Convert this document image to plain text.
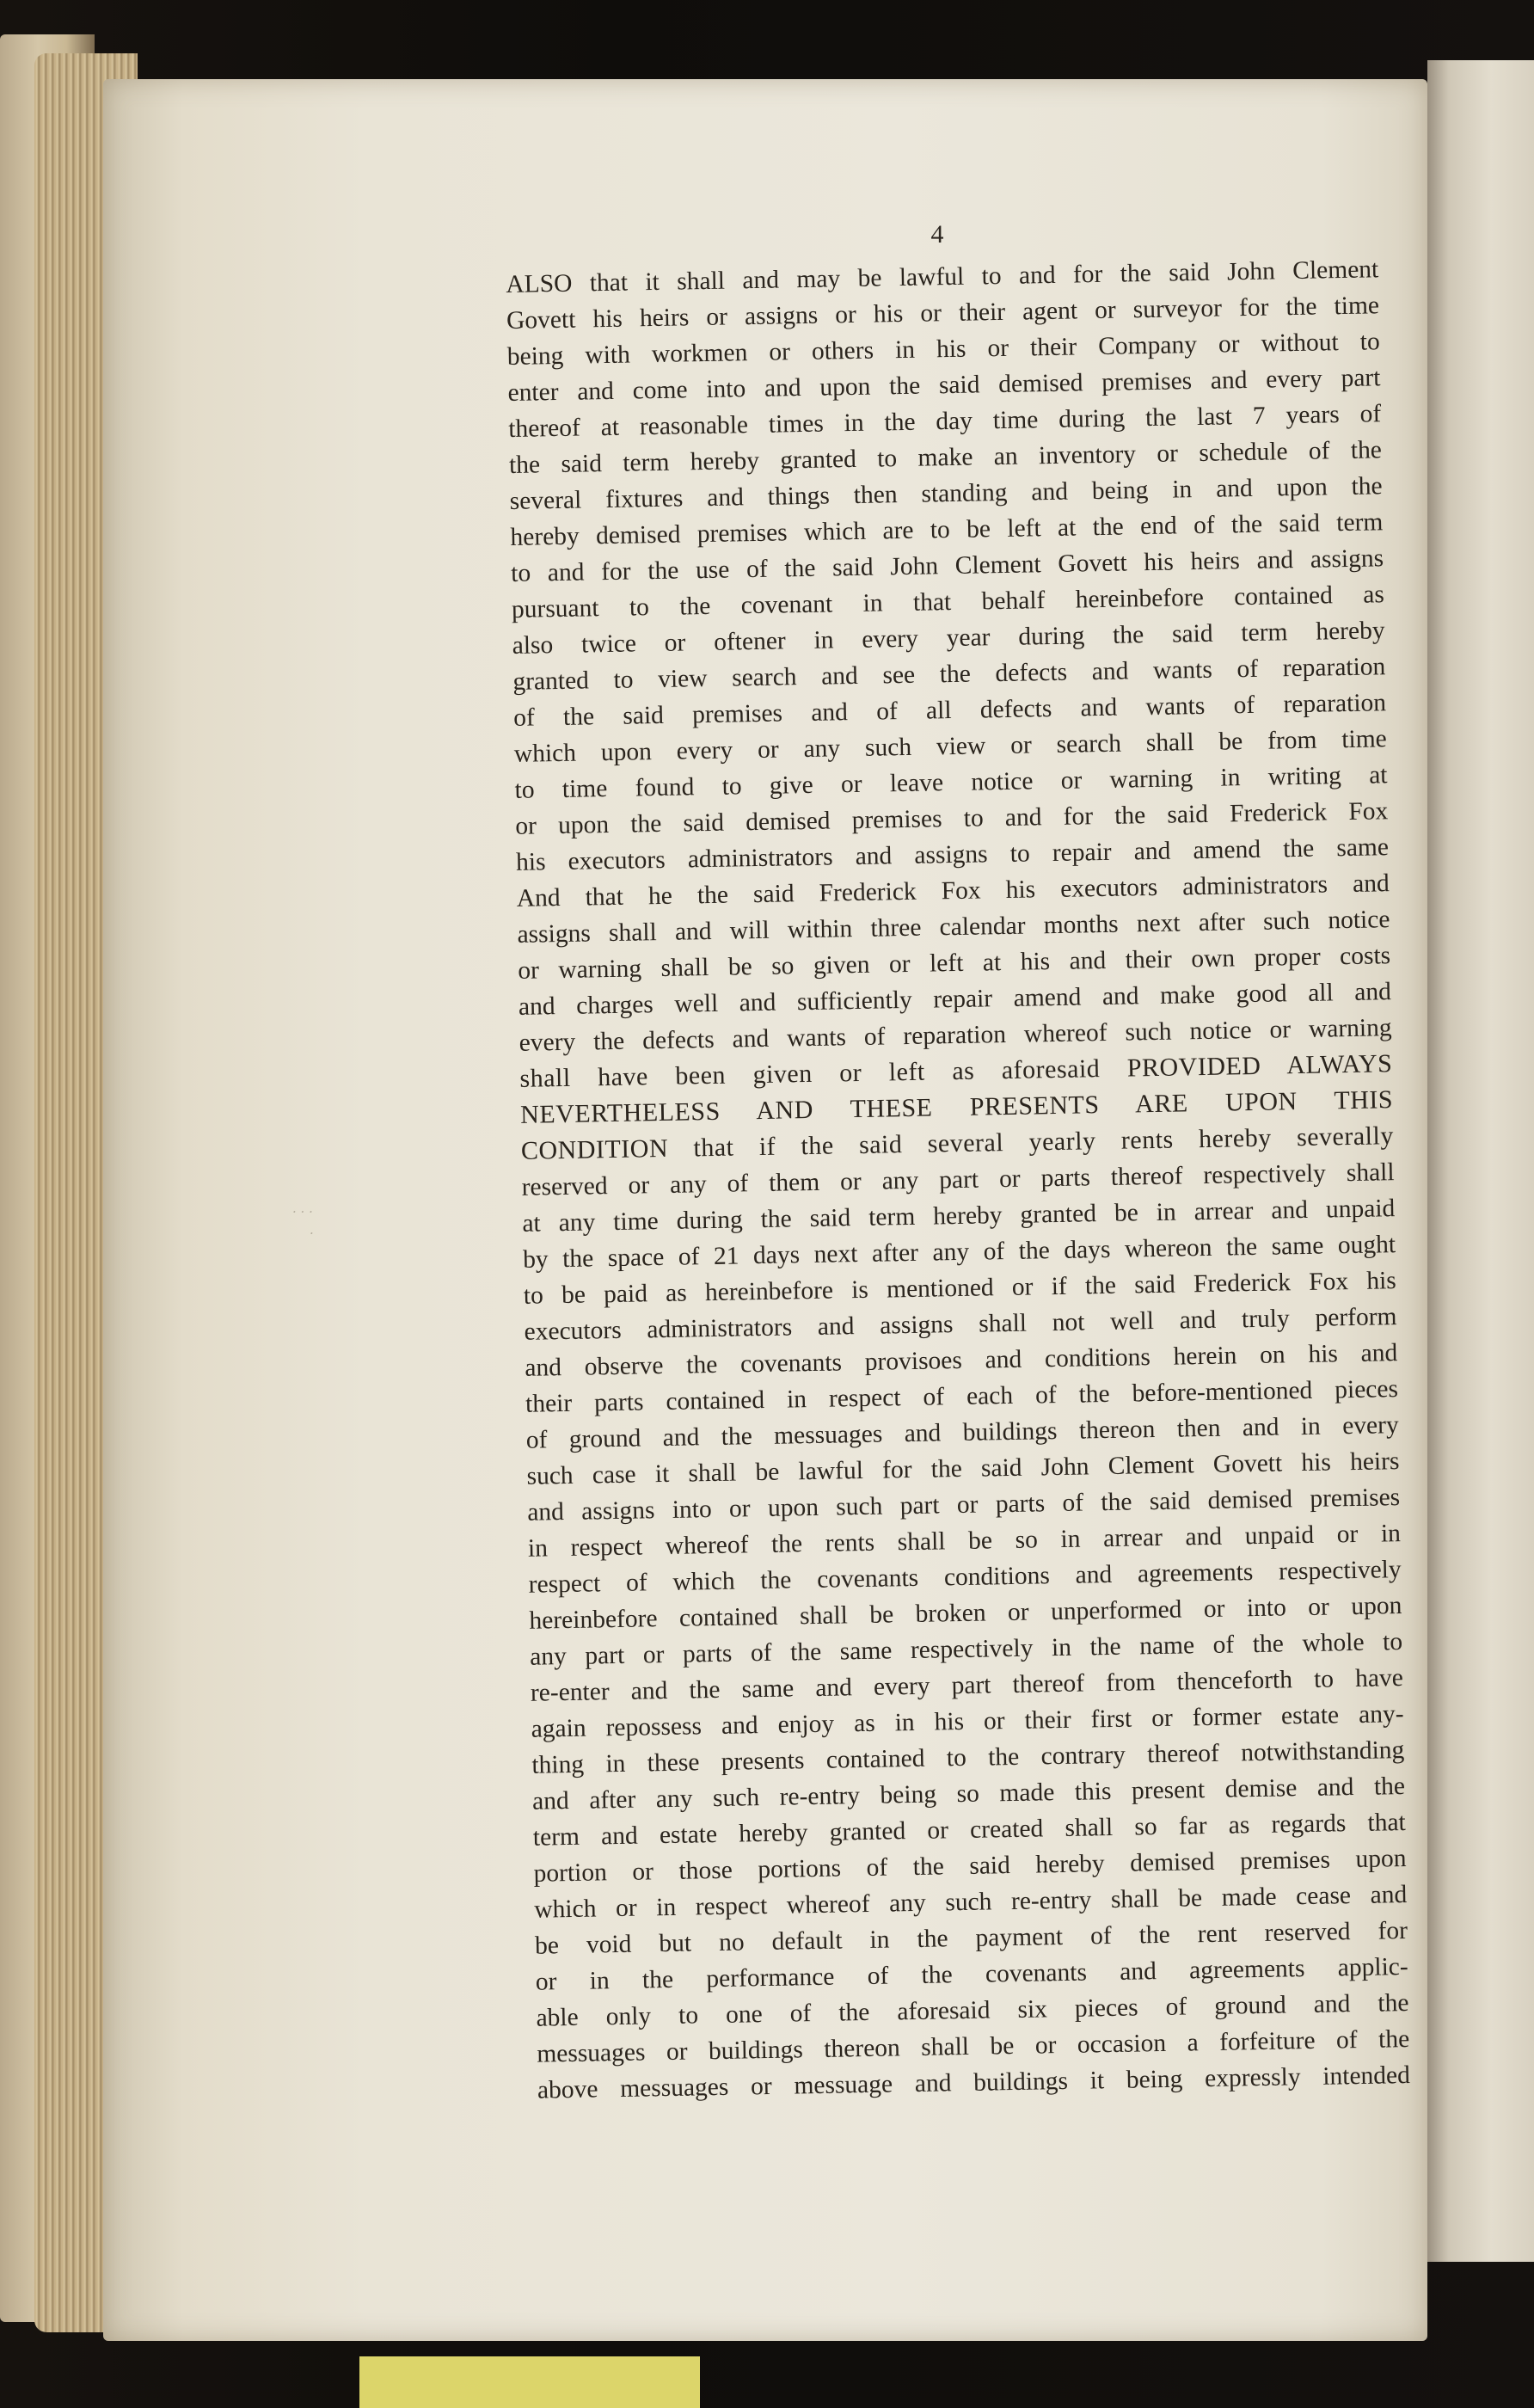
· · ·
·
4
ALSO that it shall and may be lawful to and for the said John Clement
Govett his heirs or assigns or his or their agent or surveyor for the time
being with workmen or others in his or their Company or without to
enter and come into and upon the said demised premises and every part
thereof at reasonable times in the day time during the last 7 years of
the said term hereby granted to make an inventory or schedule of the
several fixtures and things then standing and being in and upon the
hereby demised premises which are to be left at the end of the said term
to and for the use of the said John Clement Govett his heirs and assigns
pursuant to the covenant in that behalf hereinbefore contained as
also twice or oftener in every year during the said term hereby
granted to view search and see the defects and wants of reparation
of the said premises and of all defects and wants of reparation
which upon every or any such view or search shall be from time
to time found to give or leave notice or warning in writing at
or upon the said demised premises to and for the said Frederick Fox
his executors administrators and assigns to repair and amend the same
And that he the said Frederick Fox his executors administrators and
assigns shall and will within three calendar months next after such notice
or warning shall be so given or left at his and their own proper costs
and charges well and sufficiently repair amend and make good all and
every the defects and wants of reparation whereof such notice or warning
shall have been given or left as aforesaid PROVIDED ALWAYS
NEVERTHELESS AND THESE PRESENTS ARE UPON THIS
CONDITION that if the said several yearly rents hereby severally
reserved or any of them or any part or parts thereof respectively shall
at any time during the said term hereby granted be in arrear and unpaid
by the space of 21 days next after any of the days whereon the same ought
to be paid as hereinbefore is mentioned or if the said Frederick Fox his
executors administrators and assigns shall not well and truly perform
and observe the covenants provisoes and conditions herein on his and
their parts contained in respect of each of the before-mentioned pieces
of ground and the messuages and buildings thereon then and in every
such case it shall be lawful for the said John Clement Govett his heirs
and assigns into or upon such part or parts of the said demised premises
in respect whereof the rents shall be so in arrear and unpaid or in
respect of which the covenants conditions and agreements respectively
hereinbefore contained shall be broken or unperformed or into or upon
any part or parts of the same respectively in the name of the whole to
re-enter and the same and every part thereof from thenceforth to have
again repossess and enjoy as in his or their first or former estate any-
thing in these presents contained to the contrary thereof notwithstanding
and after any such re-entry being so made this present demise and the
term and estate hereby granted or created shall so far as regards that
portion or those portions of the said hereby demised premises upon
which or in respect whereof any such re-entry shall be made cease and
be void but no default in the payment of the rent reserved for
or in the performance of the covenants and agreements applic-
able only to one of the aforesaid six pieces of ground and the
messuages or buildings thereon shall be or occasion a forfeiture of the
above messuages or messuage and buildings it being expressly intended
